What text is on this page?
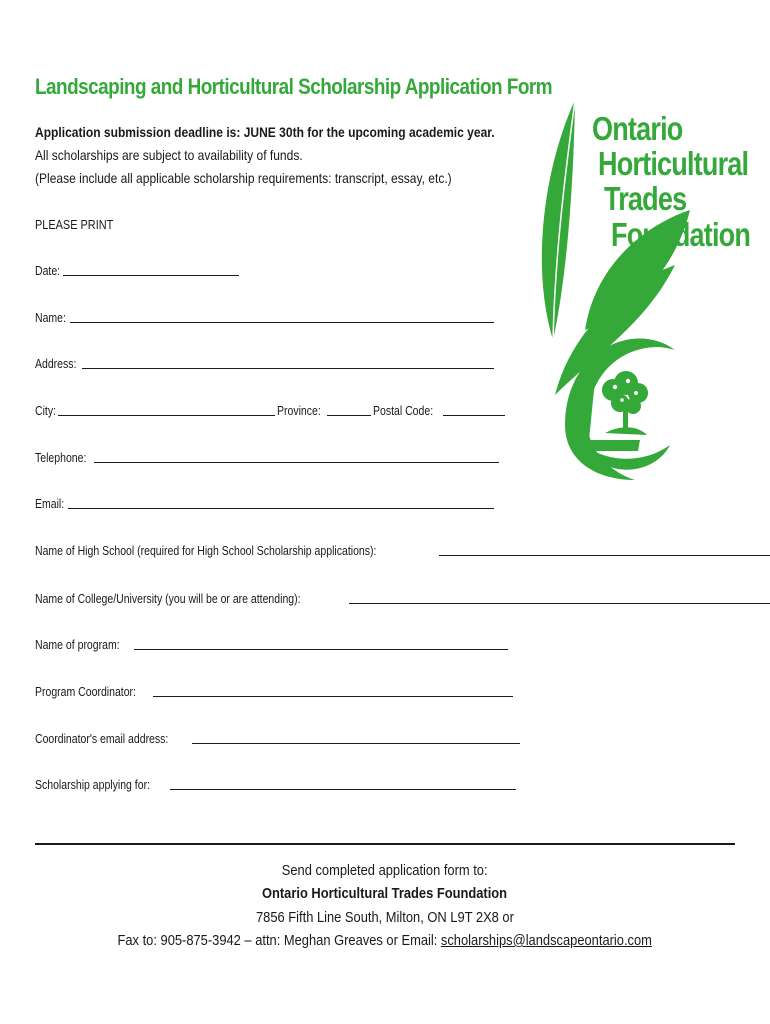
Landscaping and Horticultural Scholarship Application Form
Application submission deadline is: JUNE 30th for the upcoming academic year.
All scholarships are subject to availability of funds.
(Please include all applicable scholarship requirements: transcript, essay, etc.)
PLEASE PRINT
Date:
Name:
Address:
City:	Province:	Postal Code:
Telephone:
Email:
Name of High School (required for High School Scholarship applications):
Name of College/University (you will be or are attending):
Name of program:
Program Coordinator:
Coordinator's email address:
Scholarship applying for:
Ontario
Horticultural
Trades
Foundation
Send completed application form to:
Ontario Horticultural Trades Foundation
7856 Fifth Line South, Milton, ON L9T 2X8 or
Fax to: 905-875-3942 – attn: Meghan Greaves or Email: scholarships@landscapeontario.com
